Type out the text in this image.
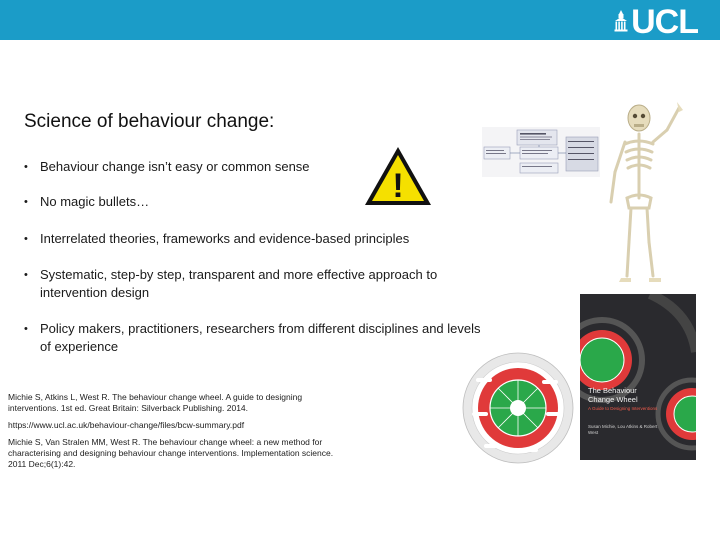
UCL
Science of behaviour change:
• Behaviour change isn’t easy or common sense
• No magic bullets…
• Interrelated theories, frameworks and evidence-based principles
• Systematic, step-by step, transparent and more effective approach to intervention design
• Policy makers, practitioners, researchers from different disciplines and levels of experience

Michie S, Atkins L, West R. The behaviour change wheel. A guide to designing interventions. 1st ed. Great Britain: Silverback Publishing. 2014.

https://www.ucl.ac.uk/behaviour-change/files/bcw-summary.pdf

Michie S, Van Stralen MM, West R. The behaviour change wheel: a new method for characterising and designing behaviour change interventions. Implementation science. 2011 Dec;6(1):42.

!
The Behaviour Change Wheel
A Guide to Designing Interventions
Susan Michie, Lou Atkins & Robert West
